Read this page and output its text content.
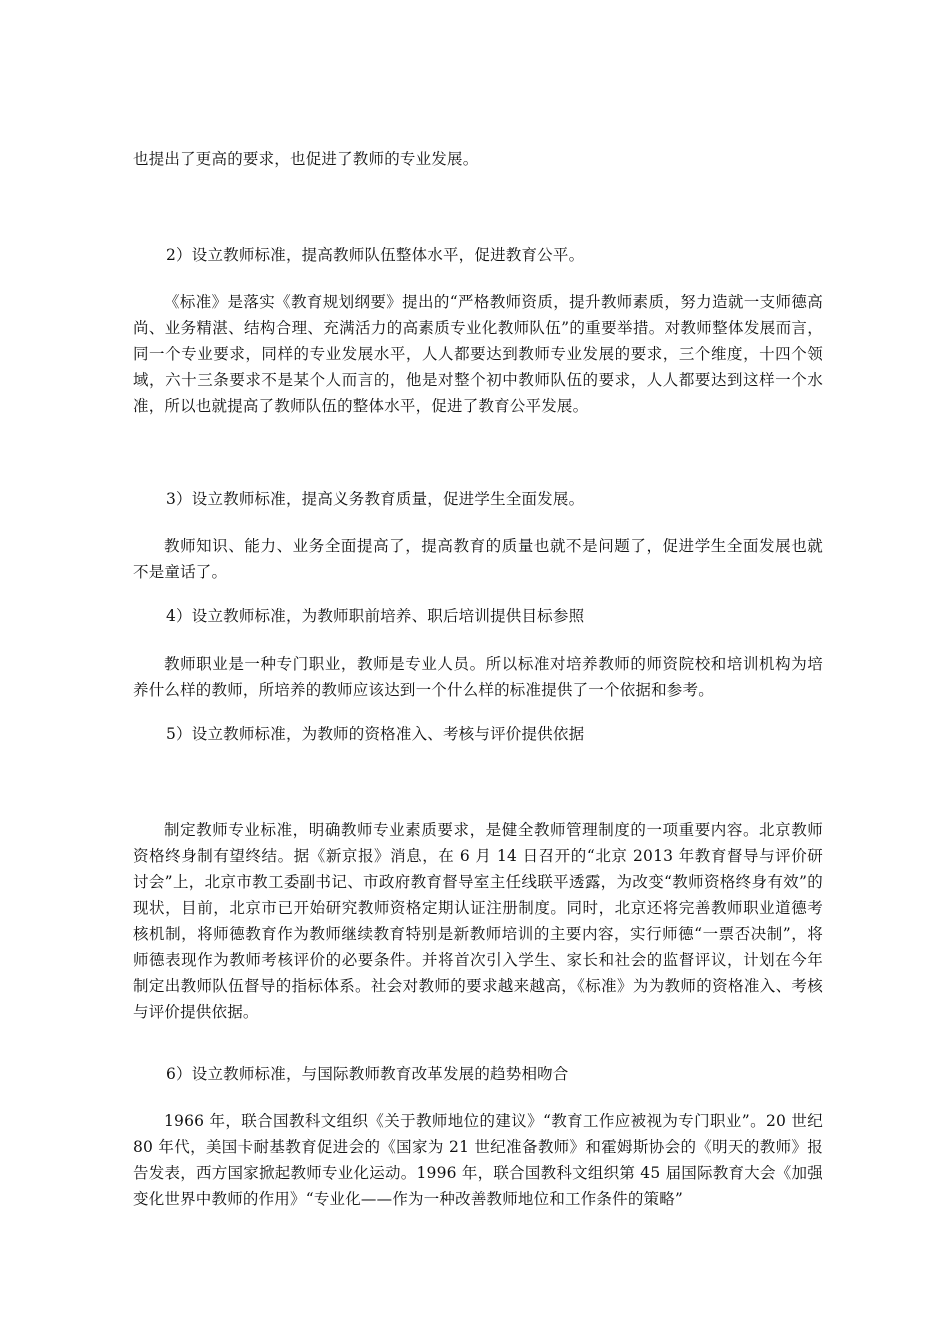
也提出了更高的要求，也促进了教师的专业发展。

2）设立教师标准，提高教师队伍整体水平，促进教育公平。

《标准》是落实《教育规划纲要》提出的“严格教师资质，提升教师素质，努力造就一支师德高尚、业务精湛、结构合理、充满活力的高素质专业化教师队伍”的重要举措。对教师整体发展而言，同一个专业要求，同样的专业发展水平，人人都要达到教师专业发展的要求，三个维度，十四个领域，六十三条要求不是某个人而言的，他是对整个初中教师队伍的要求，人人都要达到这样一个水准，所以也就提高了教师队伍的整体水平，促进了教育公平发展。

3）设立教师标准，提高义务教育质量，促进学生全面发展。

教师知识、能力、业务全面提高了，提高教育的质量也就不是问题了，促进学生全面发展也就不是童话了。

4）设立教师标准，为教师职前培养、职后培训提供目标参照

教师职业是一种专门职业，教师是专业人员。所以标准对培养教师的师资院校和培训机构为培养什么样的教师，所培养的教师应该达到一个什么样的标准提供了一个依据和参考。

5）设立教师标准，为教师的资格准入、考核与评价提供依据

制定教师专业标准，明确教师专业素质要求，是健全教师管理制度的一项重要内容。北京教师资格终身制有望终结。据《新京报》消息，在 6 月 14 日召开的“北京 2013 年教育督导与评价研讨会”上，北京市教工委副书记、市政府教育督导室主任线联平透露，为改变“教师资格终身有效”的现状，目前，北京市已开始研究教师资格定期认证注册制度。同时，北京还将完善教师职业道德考核机制，将师德教育作为教师继续教育特别是新教师培训的主要内容，实行师德“一票否决制”，将师德表现作为教师考核评价的必要条件。并将首次引入学生、家长和社会的监督评议，计划在今年制定出教师队伍督导的指标体系。社会对教师的要求越来越高，《标准》为为教师的资格准入、考核与评价提供依据。

6）设立教师标准，与国际教师教育改革发展的趋势相吻合

1966 年，联合国教科文组织《关于教师地位的建议》“教育工作应被视为专门职业”。20 世纪 80 年代，美国卡耐基教育促进会的《国家为 21 世纪准备教师》和霍姆斯协会的《明天的教师》报告发表，西方国家掀起教师专业化运动。1996 年，联合国教科文组织第 45 届国际教育大会《加强变化世界中教师的作用》“专业化——作为一种改善教师地位和工作条件的策略”
